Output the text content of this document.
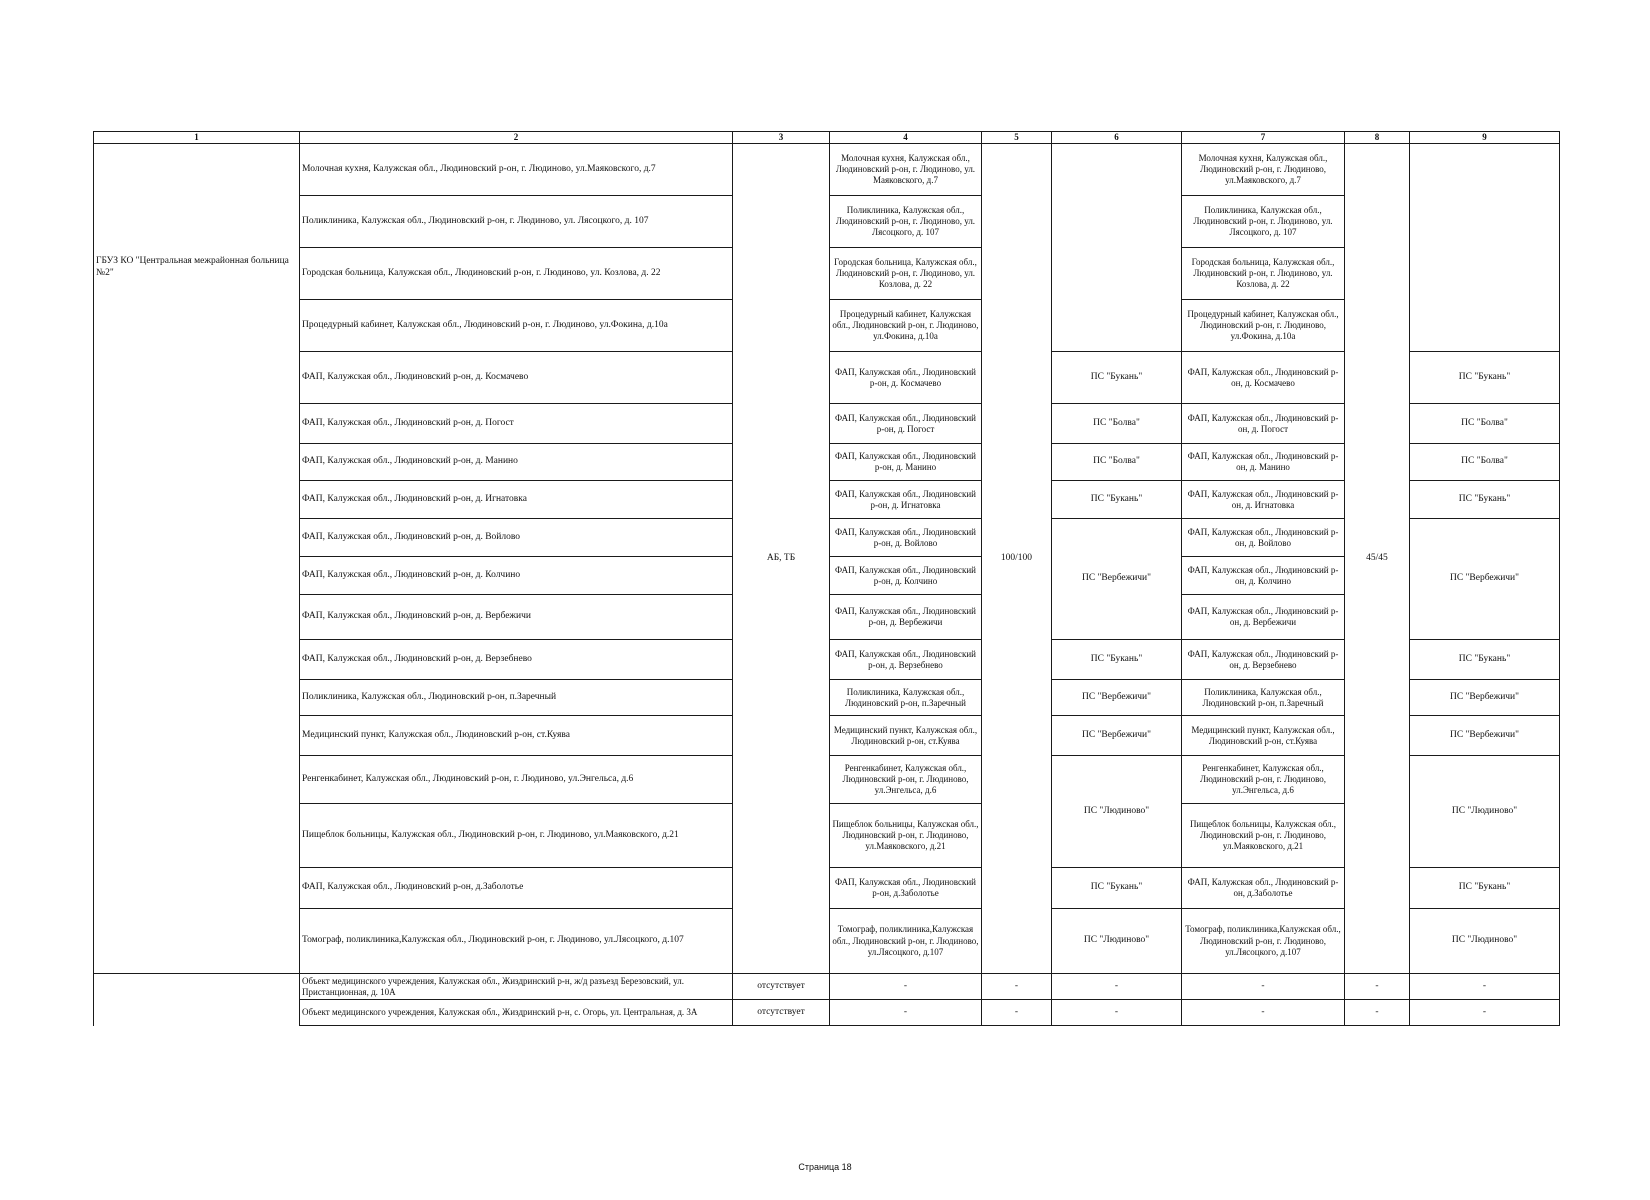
1	2	3	4	5	6	7	8	9
ГБУЗ КО "Центральная межрайонная больница №2"	Молочная кухня, Калужская обл., Людиновский р-он, г. Людиново, ул.Маяковского, д.7	АБ, ТБ	Молочная кухня, Калужская обл., Людиновский р-он, г. Людиново, ул. Маяковского, д.7	100/100		Молочная кухня, Калужская обл., Людиновский р-он, г. Людиново, ул.Маяковского, д.7	45/45	
	Поликлиника, Калужская обл., Людиновский р-он, г. Людиново, ул. Лясоцкого, д. 107		Поликлиника, Калужская обл., Людиновский р-он, г. Людиново, ул. Лясоцкого, д. 107			Поликлиника, Калужская обл., Людиновский р-он, г. Людиново, ул. Лясоцкого, д. 107		
	Городская больница, Калужская обл., Людиновский р-он, г. Людиново, ул. Козлова, д. 22		Городская больница, Калужская обл., Людиновский р-он, г. Людиново, ул. Козлова, д. 22			Городская больница, Калужская обл., Людиновский р-он, г. Людиново, ул. Козлова, д. 22		
	Процедурный кабинет, Калужская обл., Людиновский р-он, г. Людиново, ул.Фокина, д.10а		Процедурный кабинет, Калужская обл., Людиновский р-он, г. Людиново, ул.Фокина, д.10а			Процедурный кабинет, Калужская обл., Людиновский р-он, г. Людиново, ул.Фокина, д.10а		
	ФАП, Калужская обл., Людиновский р-он, д. Космачево		ФАП, Калужская обл., Людиновский р-он, д. Космачево		ПС "Букань"	ФАП, Калужская обл., Людиновский р-он, д. Космачево		ПС "Букань"
	ФАП, Калужская обл., Людиновский р-он, д. Погост		ФАП, Калужская обл., Людиновский р-он, д. Погост		ПС "Болва"	ФАП, Калужская обл., Людиновский р-он, д. Погост		ПС "Болва"
	ФАП, Калужская обл., Людиновский р-он, д. Манино		ФАП, Калужская обл., Людиновский р-он, д. Манино		ПС "Болва"	ФАП, Калужская обл., Людиновский р-он, д. Манино		ПС "Болва"
	ФАП, Калужская обл., Людиновский р-он, д. Игнатовка		ФАП, Калужская обл., Людиновский р-он, д. Игнатовка		ПС "Букань"	ФАП, Калужская обл., Людиновский р-он, д. Игнатовка		ПС "Букань"
	ФАП, Калужская обл., Людиновский р-он, д. Войлово		ФАП, Калужская обл., Людиновский р-он, д. Войлово		ПС "Вербежичи"	ФАП, Калужская обл., Людиновский р-он, д. Войлово		ПС "Вербежичи"
	ФАП, Калужская обл., Людиновский р-он, д. Колчино		ФАП, Калужская обл., Людиновский р-он, д. Колчино			ФАП, Калужская обл., Людиновский р-он, д. Колчино		
	ФАП, Калужская обл., Людиновский р-он, д. Вербежичи		ФАП, Калужская обл., Людиновский р-он, д. Вербежичи			ФАП, Калужская обл., Людиновский р-он, д. Вербежичи		
	ФАП, Калужская обл., Людиновский р-он, д. Верзебнево		ФАП, Калужская обл., Людиновский р-он, д. Верзебнево		ПС "Букань"	ФАП, Калужская обл., Людиновский р-он, д. Верзебнево		ПС "Букань"
	Поликлиника, Калужская обл., Людиновский р-он, п.Заречный		Поликлиника, Калужская обл., Людиновский р-он, п.Заречный		ПС "Вербежичи"	Поликлиника, Калужская обл., Людиновский р-он, п.Заречный		ПС "Вербежичи"
	Медицинский пункт, Калужская обл., Людиновский р-он, ст.Куява		Медицинский пункт, Калужская обл., Людиновский р-он, ст.Куява		ПС "Вербежичи"	Медицинский пункт, Калужская обл., Людиновский р-он, ст.Куява		ПС "Вербежичи"
	Ренгенкабинет, Калужская обл., Людиновский р-он, г. Людиново, ул.Энгельса, д.6		Ренгенкабинет, Калужская обл., Людиновский р-он, г. Людиново, ул.Энгельса, д.6		ПС "Людиново"	Ренгенкабинет, Калужская обл., Людиновский р-он, г. Людиново, ул.Энгельса, д.6		ПС "Людиново"
	Пищеблок больницы, Калужская обл., Людиновский р-он, г. Людиново, ул.Маяковского, д.21		Пищеблок больницы, Калужская обл., Людиновский р-он, г. Людиново, ул.Маяковского, д.21			Пищеблок больницы, Калужская обл., Людиновский р-он, г. Людиново, ул.Маяковского, д.21		
	ФАП, Калужская обл., Людиновский р-он, д.Заболотье		ФАП, Калужская обл., Людиновский р-он, д.Заболотье		ПС "Букань"	ФАП, Калужская обл., Людиновский р-он, д.Заболотье		ПС "Букань"
	Томограф, поликлиника,Калужская обл., Людиновский р-он, г. Людиново, ул.Лясоцкого, д.107		Томограф, поликлиника,Калужская обл., Людиновский р-он, г. Людиново, ул.Лясоцкого, д.107		ПС "Людиново"	Томограф, поликлиника,Калужская обл., Людиновский р-он, г. Людиново, ул.Лясоцкого, д.107		ПС "Людиново"
	Объект медицинского учреждения, Калужская обл., Жиздринский р-н, ж/д разъезд Березовский, ул. Пристанционная, д. 10А	отсутствует	-	-	-	-	-	-
	Объект медицинского учреждения, Калужская обл., Жиздринский р-н, с. Огорь, ул. Центральная, д. 3А	отсутствует	-	-	-	-	-	-
Страница 18
